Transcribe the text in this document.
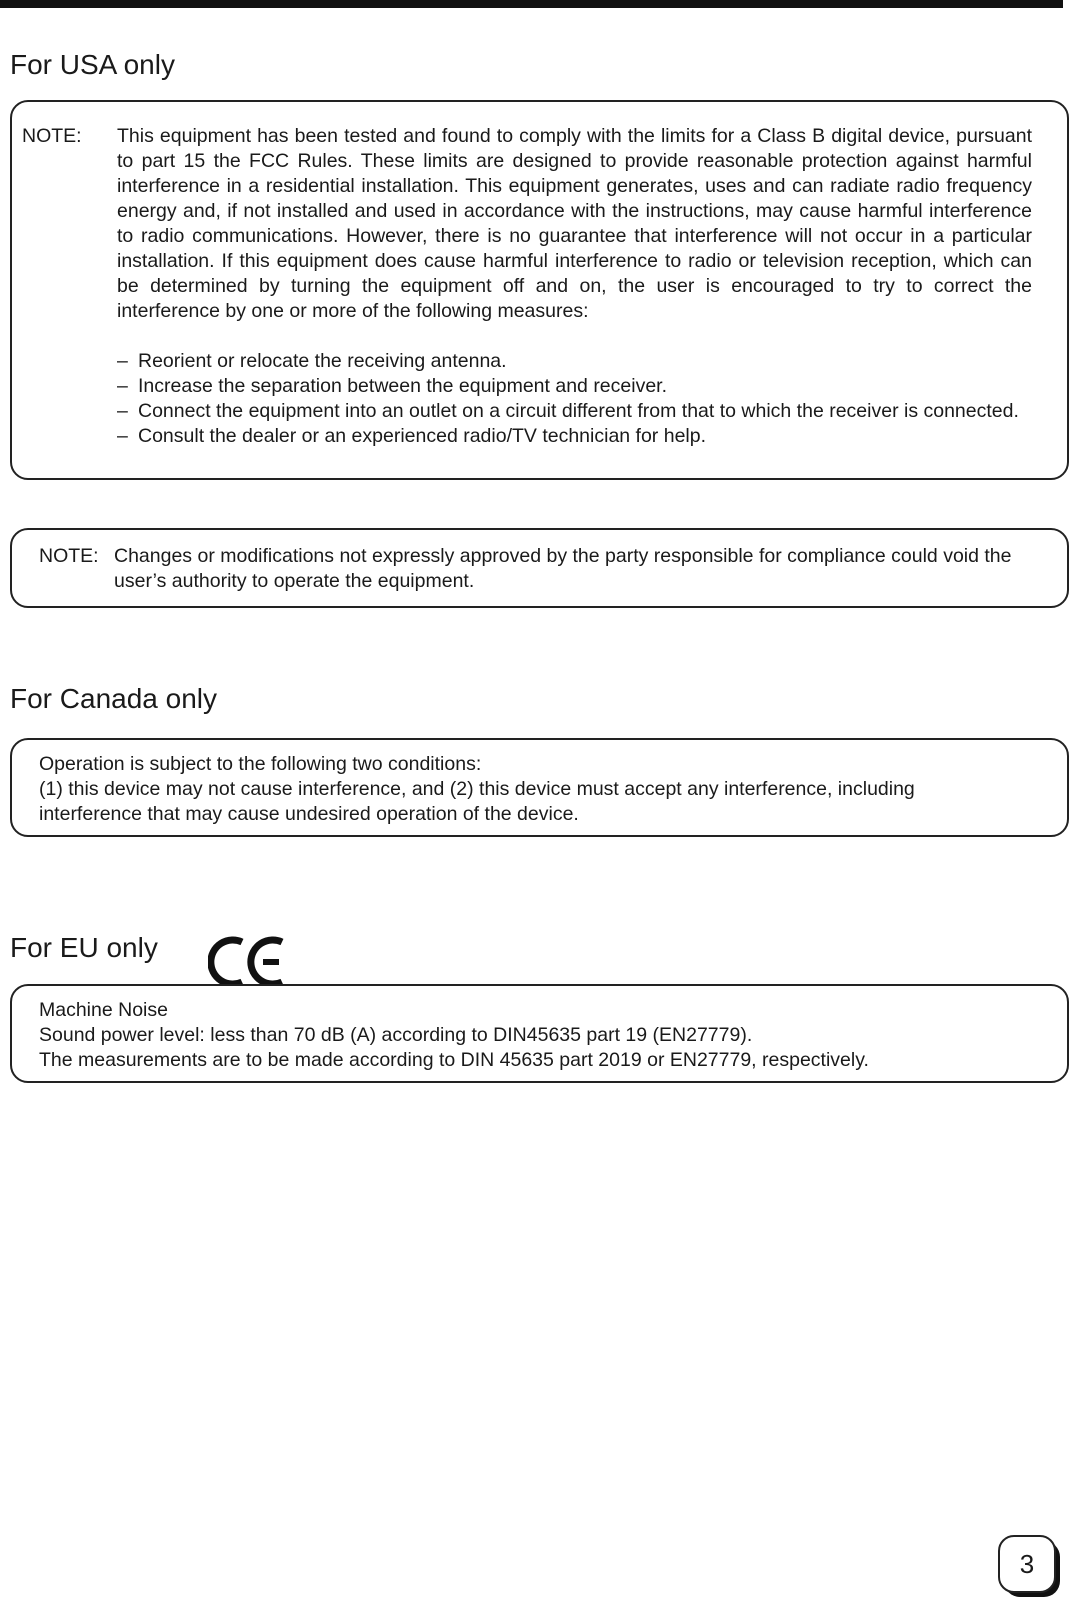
For USA only
NOTE: This equipment has been tested and found to comply with the limits for a Class B digital device, pursuant to part 15 the FCC Rules. These limits are designed to provide reasonable protection against harmful interference in a residential installation. This equipment generates, uses and can radiate radio frequency energy and, if not installed and used in accordance with the instructions, may cause harmful interference to radio communications. However, there is no guarantee that interference will not occur in a particular installation. If this equipment does cause harmful interference to radio or television reception, which can be determined by turning the equipment off and on, the user is encouraged to try to correct the interference by one or more of the following measures:
– Reorient or relocate the receiving antenna.
– Increase the separation between the equipment and receiver.
– Connect the equipment into an outlet on a circuit different from that to which the receiver is connected.
– Consult the dealer or an experienced radio/TV technician for help.
NOTE: Changes or modifications not expressly approved by the party responsible for compliance could void the user’s authority to operate the equipment.
For Canada only

Operation is subject to the following two conditions:

(1) this device may not cause interference, and (2) this device must accept any interference, including interference that may cause undesired operation of the device.

For EU only

Machine Noise

Sound power level: less than 70 dB (A) according to DIN45635 part 19 (EN27779).

The measurements are to be made according to DIN 45635 part 2019 or EN27779, respectively.

3
